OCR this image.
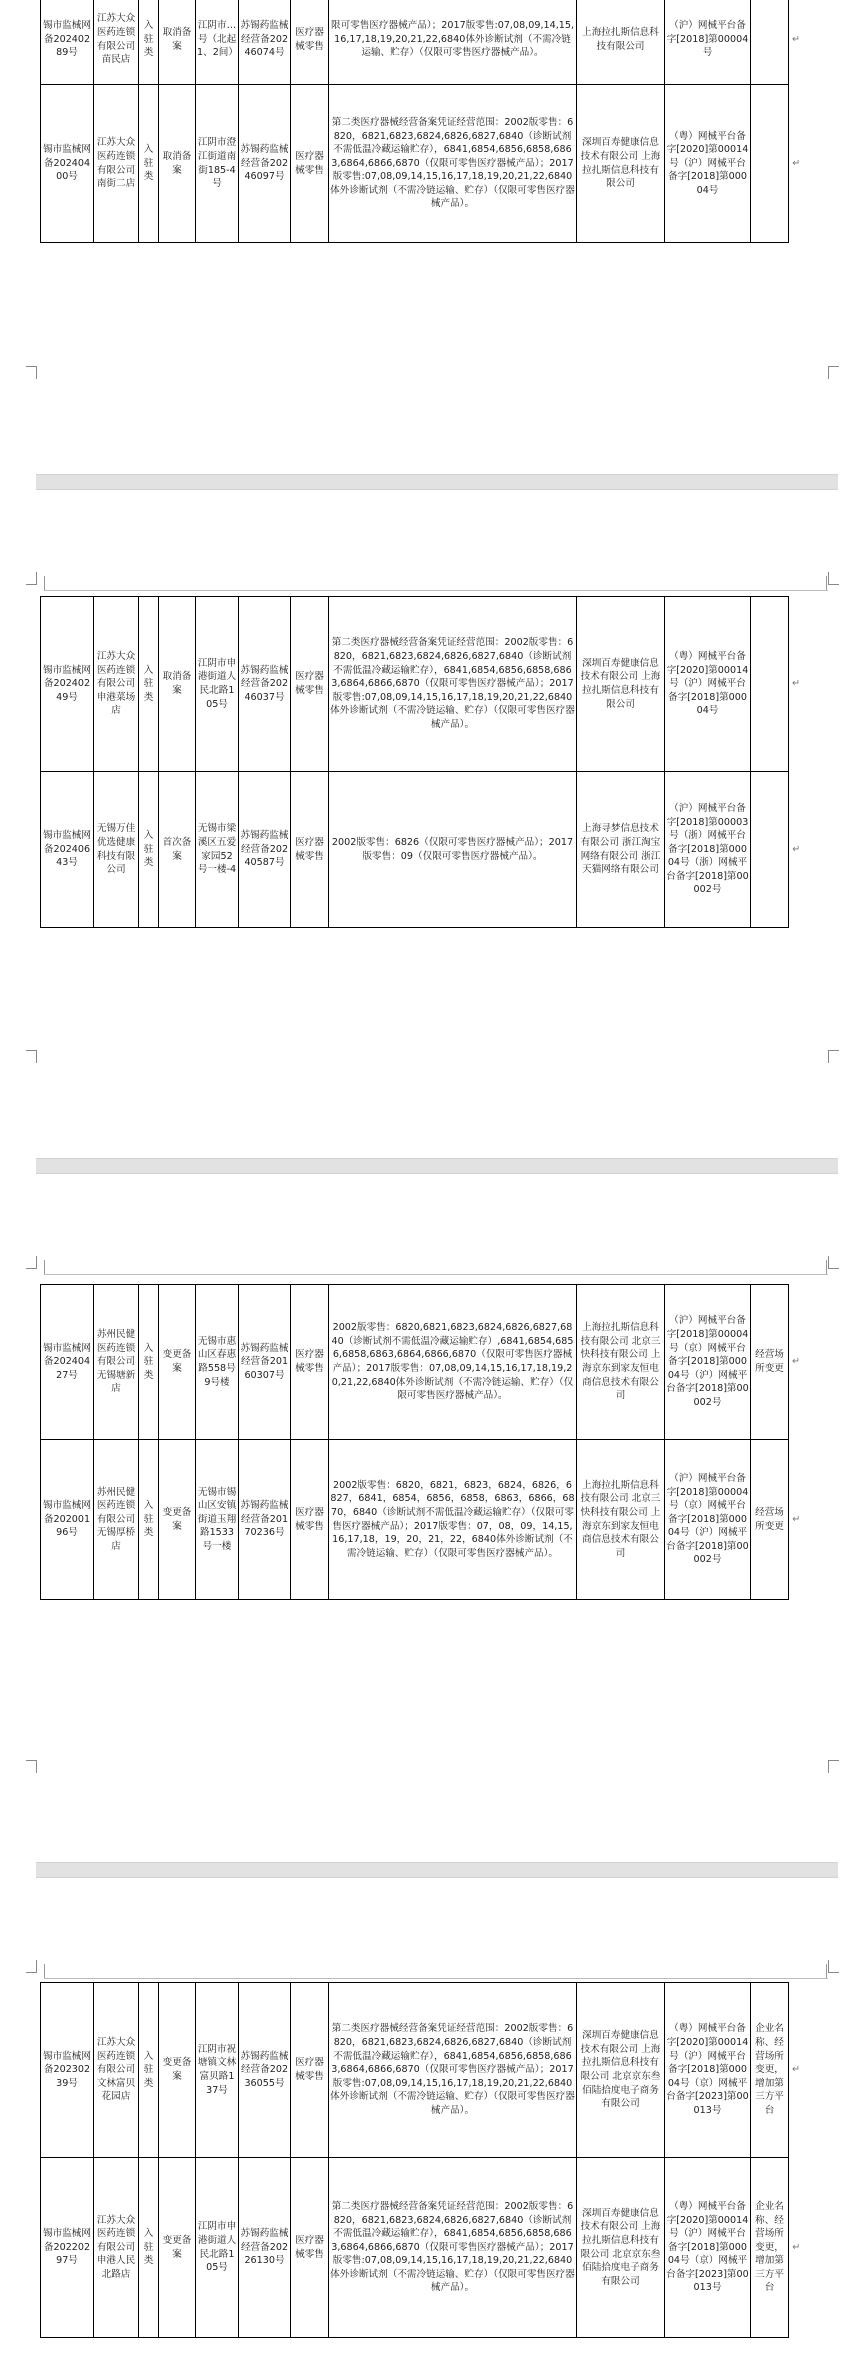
锡市监械网备202402 89号	江苏大众医药连锁有限公司苗民店	入驻类	取消备案	江阴市…号（北起1、2间）	苏锡药监械经营备20246074号	医疗器械零售	限可零售医疗器械产品）；2017版零售:07,08,09,14,15,16,17,18,19,20,21,22,6840体外诊断试剂（不需冷链运输、贮存）（仅限可零售医疗器械产品）。	上海拉扎斯信息科技有限公司	（沪）网械平台备字[2018]第00004号		↵
锡市监械网备202404 00号	江苏大众医药连锁有限公司南街二店	入驻类	取消备案	江阴市澄江街道南街185-4号	苏锡药监械经营备20246097号	医疗器械零售	第二类医疗器械经营备案凭证经营范围：2002版零售：6820，6821,6823,6824,6826,6827,6840（诊断试剂不需低温冷藏运输贮存），6841,6854,6856,6858,6863,6864,6866,6870（仅限可零售医疗器械产品）；2017版零售:07,08,09,14,15,16,17,18,19,20,21,22,6840体外诊断试剂（不需冷链运输、贮存）（仅限可零售医疗器械产品）。	深圳百寿健康信息技术有限公司 上海拉扎斯信息科技有限公司	（粤）网械平台备字[2020]第00014号（沪）网械平台备字[2018]第00004号		↵
锡市监械网备202402 49号	江苏大众医药连锁有限公司申港菜场店	入驻类	取消备案	江阴市申港街道人民北路105号	苏锡药监械经营备20246037号	医疗器械零售	第二类医疗器械经营备案凭证经营范围：2002版零售：6820，6821,6823,6824,6826,6827,6840（诊断试剂不需低温冷藏运输贮存），6841,6854,6856,6858,6863,6864,6866,6870（仅限可零售医疗器械产品）；2017版零售:07,08,09,14,15,16,17,18,19,20,21,22,6840体外诊断试剂（不需冷链运输、贮存）（仅限可零售医疗器械产品）。	深圳百寿健康信息技术有限公司 上海拉扎斯信息科技有限公司	（粤）网械平台备字[2020]第00014号（沪）网械平台备字[2018]第00004号		↵
锡市监械网备202406 43号	无锡万佳优选健康科技有限公司	入驻类	首次备案	无锡市梁溪区五爱家园52号一楼-4	苏锡药监械经营备20240587号	医疗器械零售	2002版零售：6826（仅限可零售医疗器械产品）；2017版零售：09（仅限可零售医疗器械产品）。	上海寻梦信息技术有限公司 浙江淘宝网络有限公司 浙江天猫网络有限公司	（沪）网械平台备字[2018]第00003号（浙）网械平台备字[2018]第00004号（浙）网械平台备字[2018]第00002号		↵
锡市监械网备202404 27号	苏州民健医药连锁有限公司无锡塘新店	入驻类	变更备案	无锡市惠山区春惠路558号9号楼	苏锡药监械经营备20160307号	医疗器械零售	2002版零售：6820,6821,6823,6824,6826,6827,6840（诊断试剂不需低温冷藏运输贮存）,6841,6854,6856,6858,6863,6864,6866,6870（仅限可零售医疗器械产品）；2017版零售：07,08,09,14,15,16,17,18,19,20,21,22,6840体外诊断试剂（不需冷链运输、贮存）（仅限可零售医疗器械产品）。	上海拉扎斯信息科技有限公司 北京三快科技有限公司 上海京东到家友恒电商信息技术有限公司	（沪）网械平台备字[2018]第00004号（京）网械平台备字[2018]第00004号（沪）网械平台备字[2018]第00002号	经营场所变更	↵
锡市监械网备202001 96号	苏州民健医药连锁有限公司无锡厚桥店	入驻类	变更备案	无锡市锡山区安镇街道玉翔路1533号一楼	苏锡药监械经营备20170236号	医疗器械零售	2002版零售：6820，6821，6823，6824，6826，6827，6841，6854，6856，6858，6863，6866，6870，6840（诊断试剂不需低温冷藏运输贮存）（仅限可零售医疗器械产品）；2017版零售：07，08，09，14,15,16,17,18，19，20，21，22，6840体外诊断试剂（不需冷链运输、贮存）（仅限可零售医疗器械产品）。	上海拉扎斯信息科技有限公司 北京三快科技有限公司 上海京东到家友恒电商信息技术有限公司	（沪）网械平台备字[2018]第00004号（京）网械平台备字[2018]第00004号（沪）网械平台备字[2018]第00002号	经营场所变更	↵
锡市监械网备202302 39号	江苏大众医药连锁有限公司文林富贝花园店	入驻类	变更备案	江阴市祝塘镇文林富贝路137号	苏锡药监械经营备20236055号	医疗器械零售	第二类医疗器械经营备案凭证经营范围：2002版零售：6820，6821,6823,6824,6826,6827,6840（诊断试剂不需低温冷藏运输贮存），6841,6854,6856,6858,6863,6864,6866,6870（仅限可零售医疗器械产品）；2017版零售:07,08,09,14,15,16,17,18,19,20,21,22,6840体外诊断试剂（不需冷链运输、贮存）（仅限可零售医疗器械产品）。	深圳百寿健康信息技术有限公司 上海拉扎斯信息科技有限公司 北京京东叁佰陆拾度电子商务有限公司	（粤）网械平台备字[2020]第00014号（沪）网械平台备字[2018]第00004号（京）网械平台备字[2023]第00013号	企业名称、经营场所变更，增加第三方平台	↵
锡市监械网备202202 97号	江苏大众医药连锁有限公司申港人民北路店	入驻类	变更备案	江阴市申港街道人民北路105号	苏锡药监械经营备20226130号	医疗器械零售	第二类医疗器械经营备案凭证经营范围：2002版零售：6820，6821,6823,6824,6826,6827,6840（诊断试剂不需低温冷藏运输贮存），6841,6854,6856,6858,6863,6864,6866,6870（仅限可零售医疗器械产品）；2017版零售:07,08,09,14,15,16,17,18,19,20,21,22,6840体外诊断试剂（不需冷链运输、贮存）（仅限可零售医疗器械产品）。	深圳百寿健康信息技术有限公司 上海拉扎斯信息科技有限公司 北京京东叁佰陆拾度电子商务有限公司	（粤）网械平台备字[2020]第00014号（沪）网械平台备字[2018]第00004号（京）网械平台备字[2023]第00013号	企业名称、经营场所变更，增加第三方平台	↵
